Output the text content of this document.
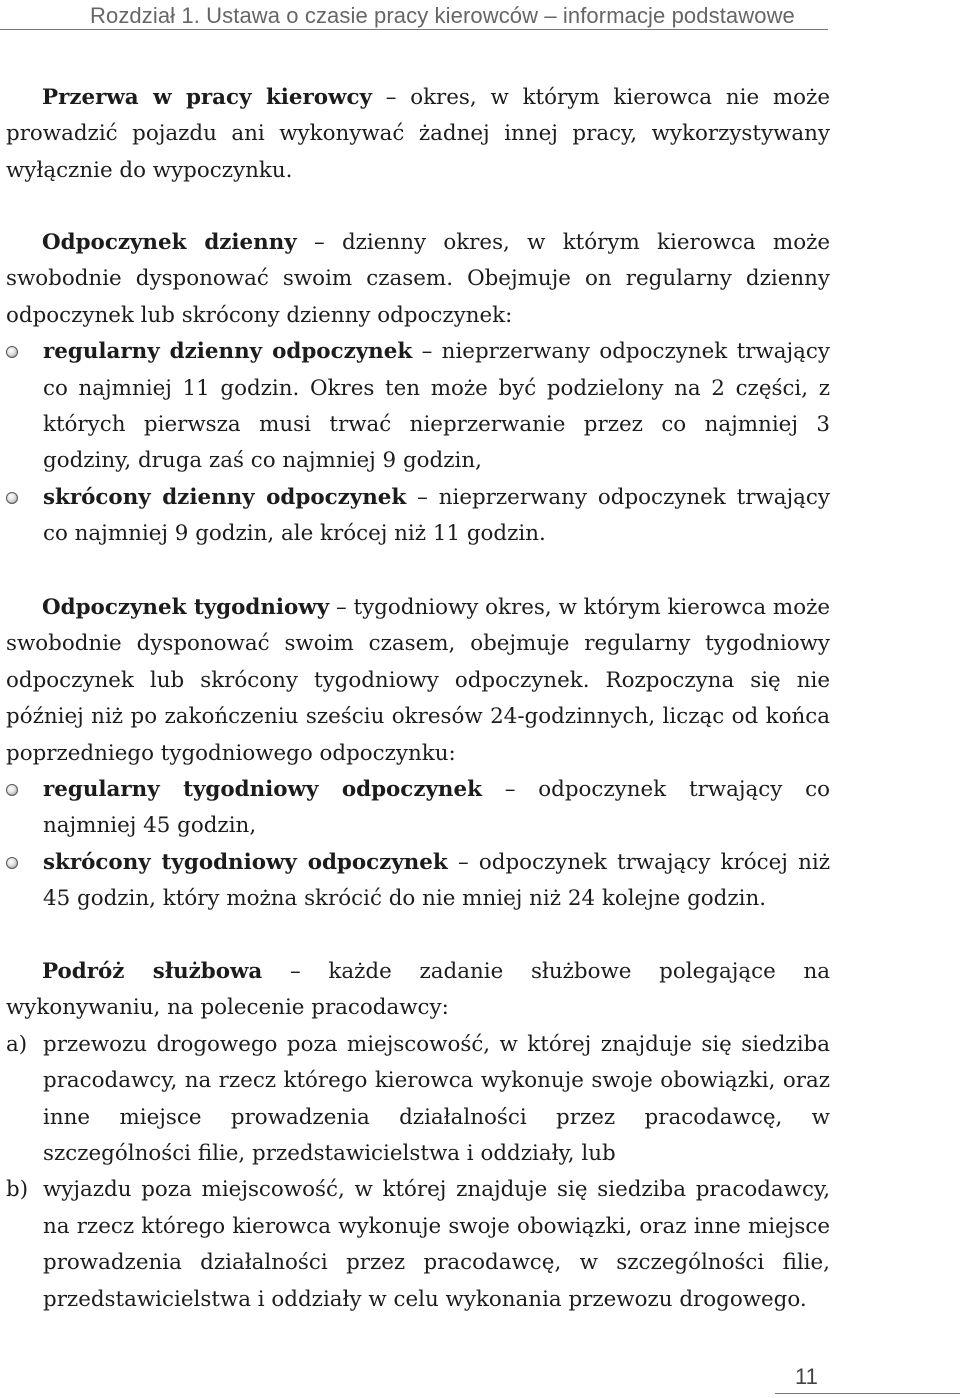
Rozdział 1. Ustawa o czasie pracy kierowców – informacje podstawowe

Przerwa w pracy kierowcy – okres, w którym kierowca nie może prowadzić pojazdu ani wykonywać żadnej innej pracy, wykorzystywany wyłącznie do wypoczynku.

Odpoczynek dzienny – dzienny okres, w którym kierowca może swobodnie dysponować swoim czasem. Obejmuje on regularny dzienny odpoczynek lub skrócony dzienny odpoczynek:

regularny dzienny odpoczynek – nieprzerwany odpoczynek trwający co najmniej 11 godzin. Okres ten może być podzielony na 2 części, z których pierwsza musi trwać nieprzerwanie przez co najmniej 3 godziny, druga zaś co najmniej 9 godzin,
skrócony dzienny odpoczynek – nieprzerwany odpoczynek trwający co najmniej 9 godzin, ale krócej niż 11 godzin.

Odpoczynek tygodniowy – tygodniowy okres, w którym kierowca może swobodnie dysponować swoim czasem, obejmuje regularny tygodniowy odpoczynek lub skrócony tygodniowy odpoczynek. Rozpoczyna się nie później niż po zakończeniu sześciu okresów 24-godzinnych, licząc od końca poprzedniego tygodniowego odpoczynku:

regularny tygodniowy odpoczynek – odpoczynek trwający co najmniej 45 godzin,
skrócony tygodniowy odpoczynek – odpoczynek trwający krócej niż 45 godzin, który można skrócić do nie mniej niż 24 kolejne godzin.

Podróż służbowa – każde zadanie służbowe polegające na wykonywaniu, na polecenie pracodawcy:

a) przewozu drogowego poza miejscowość, w której znajduje się siedziba pracodawcy, na rzecz którego kierowca wykonuje swoje obowiązki, oraz inne miejsce prowadzenia działalności przez pracodawcę, w szczególności filie, przedstawicielstwa i oddziały, lub
b) wyjazdu poza miejscowość, w której znajduje się siedziba pracodawcy, na rzecz którego kierowca wykonuje swoje obowiązki, oraz inne miejsce prowadzenia działalności przez pracodawcę, w szczególności filie, przedstawicielstwa i oddziały w celu wykonania przewozu drogowego.
11
